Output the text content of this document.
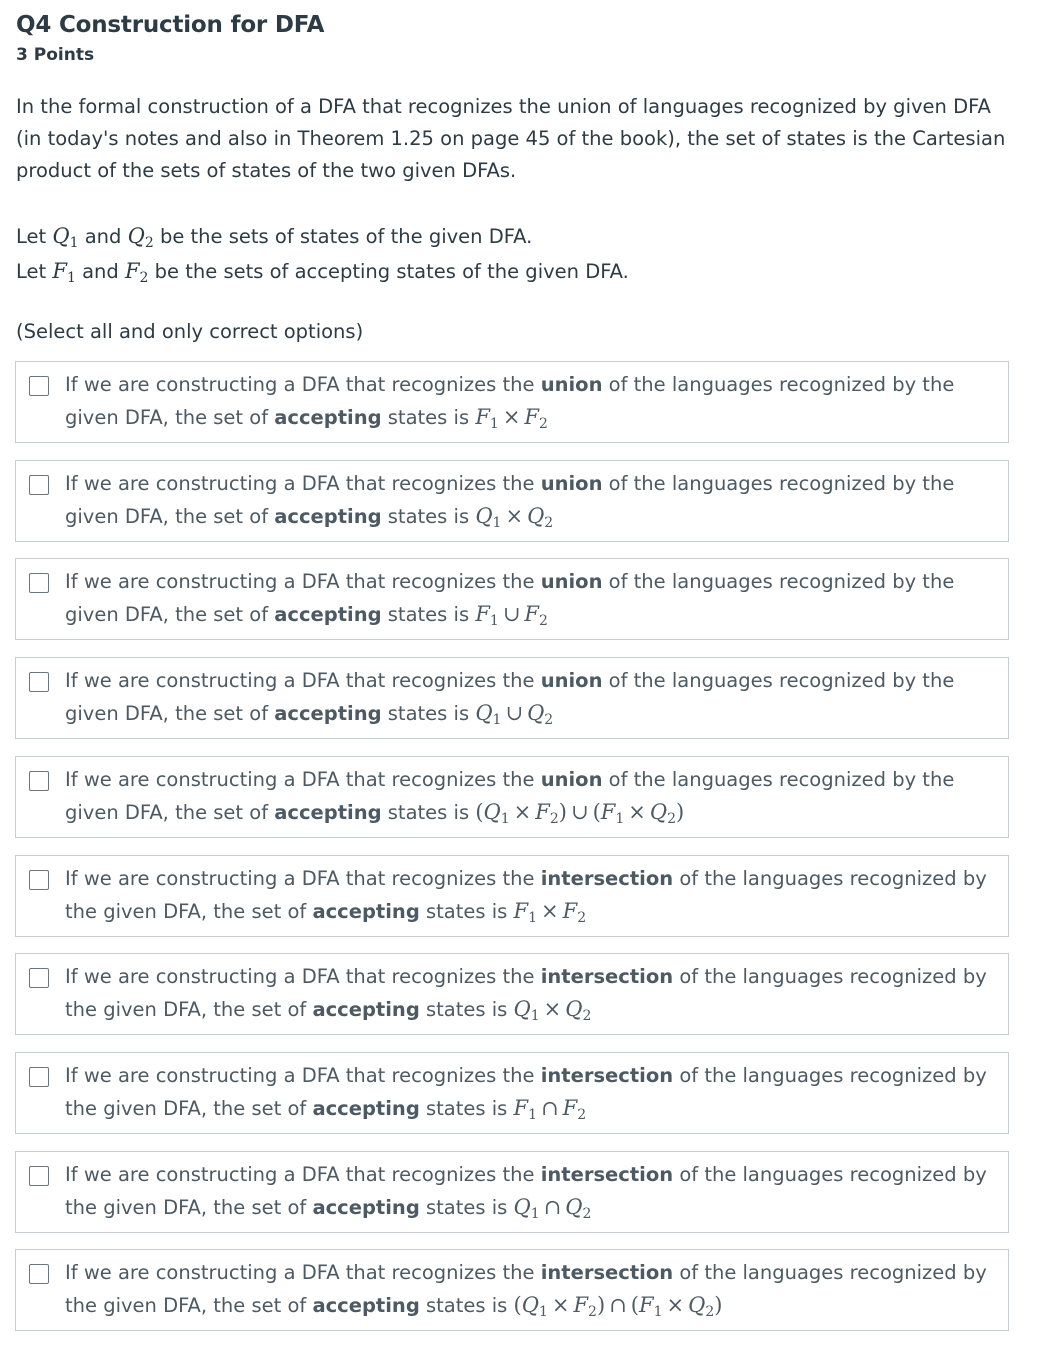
Q4 Construction for DFA
3 Points
In the formal construction of a DFA that recognizes the union of languages recognized by given DFA (in today's notes and also in Theorem 1.25 on page 45 of the book), the set of states is the Cartesian product of the sets of states of the two given DFAs.
Let $Q_1$ and $Q_2$ be the sets of states of the given DFA.
Let $F_1$ and $F_2$ be the sets of accepting states of the given DFA.
(Select all and only correct options)
If we are constructing a DFA that recognizes the union of the languages recognized by the given DFA, the set of accepting states is $F_1 \times F_2$
If we are constructing a DFA that recognizes the union of the languages recognized by the given DFA, the set of accepting states is $Q_1 \times Q_2$
If we are constructing a DFA that recognizes the union of the languages recognized by the given DFA, the set of accepting states is $F_1$ ∪ $F_2$
If we are constructing a DFA that recognizes the union of the languages recognized by the given DFA, the set of accepting states is $Q_1$ ∪ $Q_2$
If we are constructing a DFA that recognizes the union of the languages recognized by the given DFA, the set of accepting states is $(Q_1 \times F_2)$ ∪ $(F_1 \times Q_2)$
If we are constructing a DFA that recognizes the intersection of the languages recognized by the given DFA, the set of accepting states is $F_1 \times F_2$
If we are constructing a DFA that recognizes the intersection of the languages recognized by the given DFA, the set of accepting states is $Q_1 \times Q_2$
If we are constructing a DFA that recognizes the intersection of the languages recognized by the given DFA, the set of accepting states is $F_1$ ∩ $F_2$
If we are constructing a DFA that recognizes the intersection of the languages recognized by the given DFA, the set of accepting states is $Q_1$ ∩ $Q_2$
If we are constructing a DFA that recognizes the intersection of the languages recognized by the given DFA, the set of accepting states is $(Q_1 \times F_2)$ ∩ $(F_1 \times Q_2)$
